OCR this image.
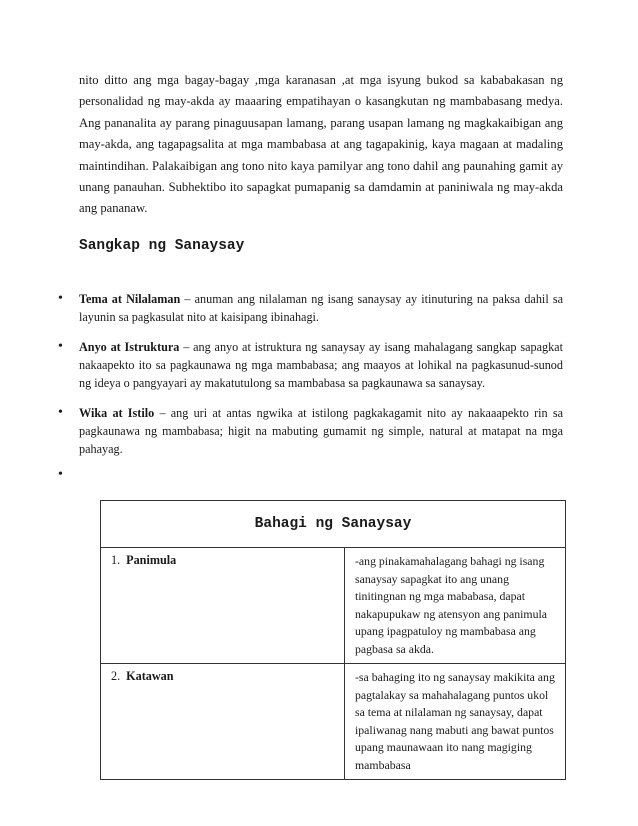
nito ditto ang mga bagay-bagay ,mga karanasan ,at mga isyung bukod sa kababakasan ng personalidad ng may-akda ay maaaring empatihayan o kasangkutan ng mambabasang medya. Ang pananalita ay parang pinaguusapan lamang, parang usapan lamang ng magkakaibigan ang may-akda, ang tagapagsalita at mga mambabasa at ang tagapakinig, kaya magaan at madaling maintindihan. Palakaibigan ang tono nito kaya pamilyar ang tono dahil ang paunahing gamit ay unang panauhan. Subhektibo ito sapagkat pumapanig sa damdamin at paniniwala ng may-akda ang pananaw.

Sangkap ng Sanaysay
• Tema at Nilalaman – anuman ang nilalaman ng isang sanaysay ay itinuturing na paksa dahil sa layunin sa pagkasulat nito at kaisipang ibinahagi.
• Anyo at Istruktura – ang anyo at istruktura ng sanaysay ay isang mahalagang sangkap sapagkat nakaapekto ito sa pagkaunawa ng mga mambabasa; ang maayos at lohikal na pagkasunud-sunod ng ideya o pangyayari ay makatutulong sa mambabasa sa pagkaunawa sa sanaysay.
• Wika at Istilo – ang uri at antas ngwika at istilong pagkakagamit nito ay nakaaapekto rin sa pagkaunawa ng mambabasa; higit na mabuting gumamit ng simple, natural at matapat na mga pahayag.
•
Bahagi ng Sanaysay	
1. Panimula	-ang pinakamahalagang bahagi ng isang sanaysay sapagkat ito ang unang tinitingnan ng mga mababasa, dapat nakapupukaw ng atensyon ang panimula upang ipagpatuloy ng mambabasa ang pagbasa sa akda.
2. Katawan	-sa bahaging ito ng sanaysay makikita ang pagtalakay sa mahahalagang puntos ukol sa tema at nilalaman ng sanaysay, dapat ipaliwanag nang mabuti ang bawat puntos upang maunawaan ito nang magiging mambabasa
